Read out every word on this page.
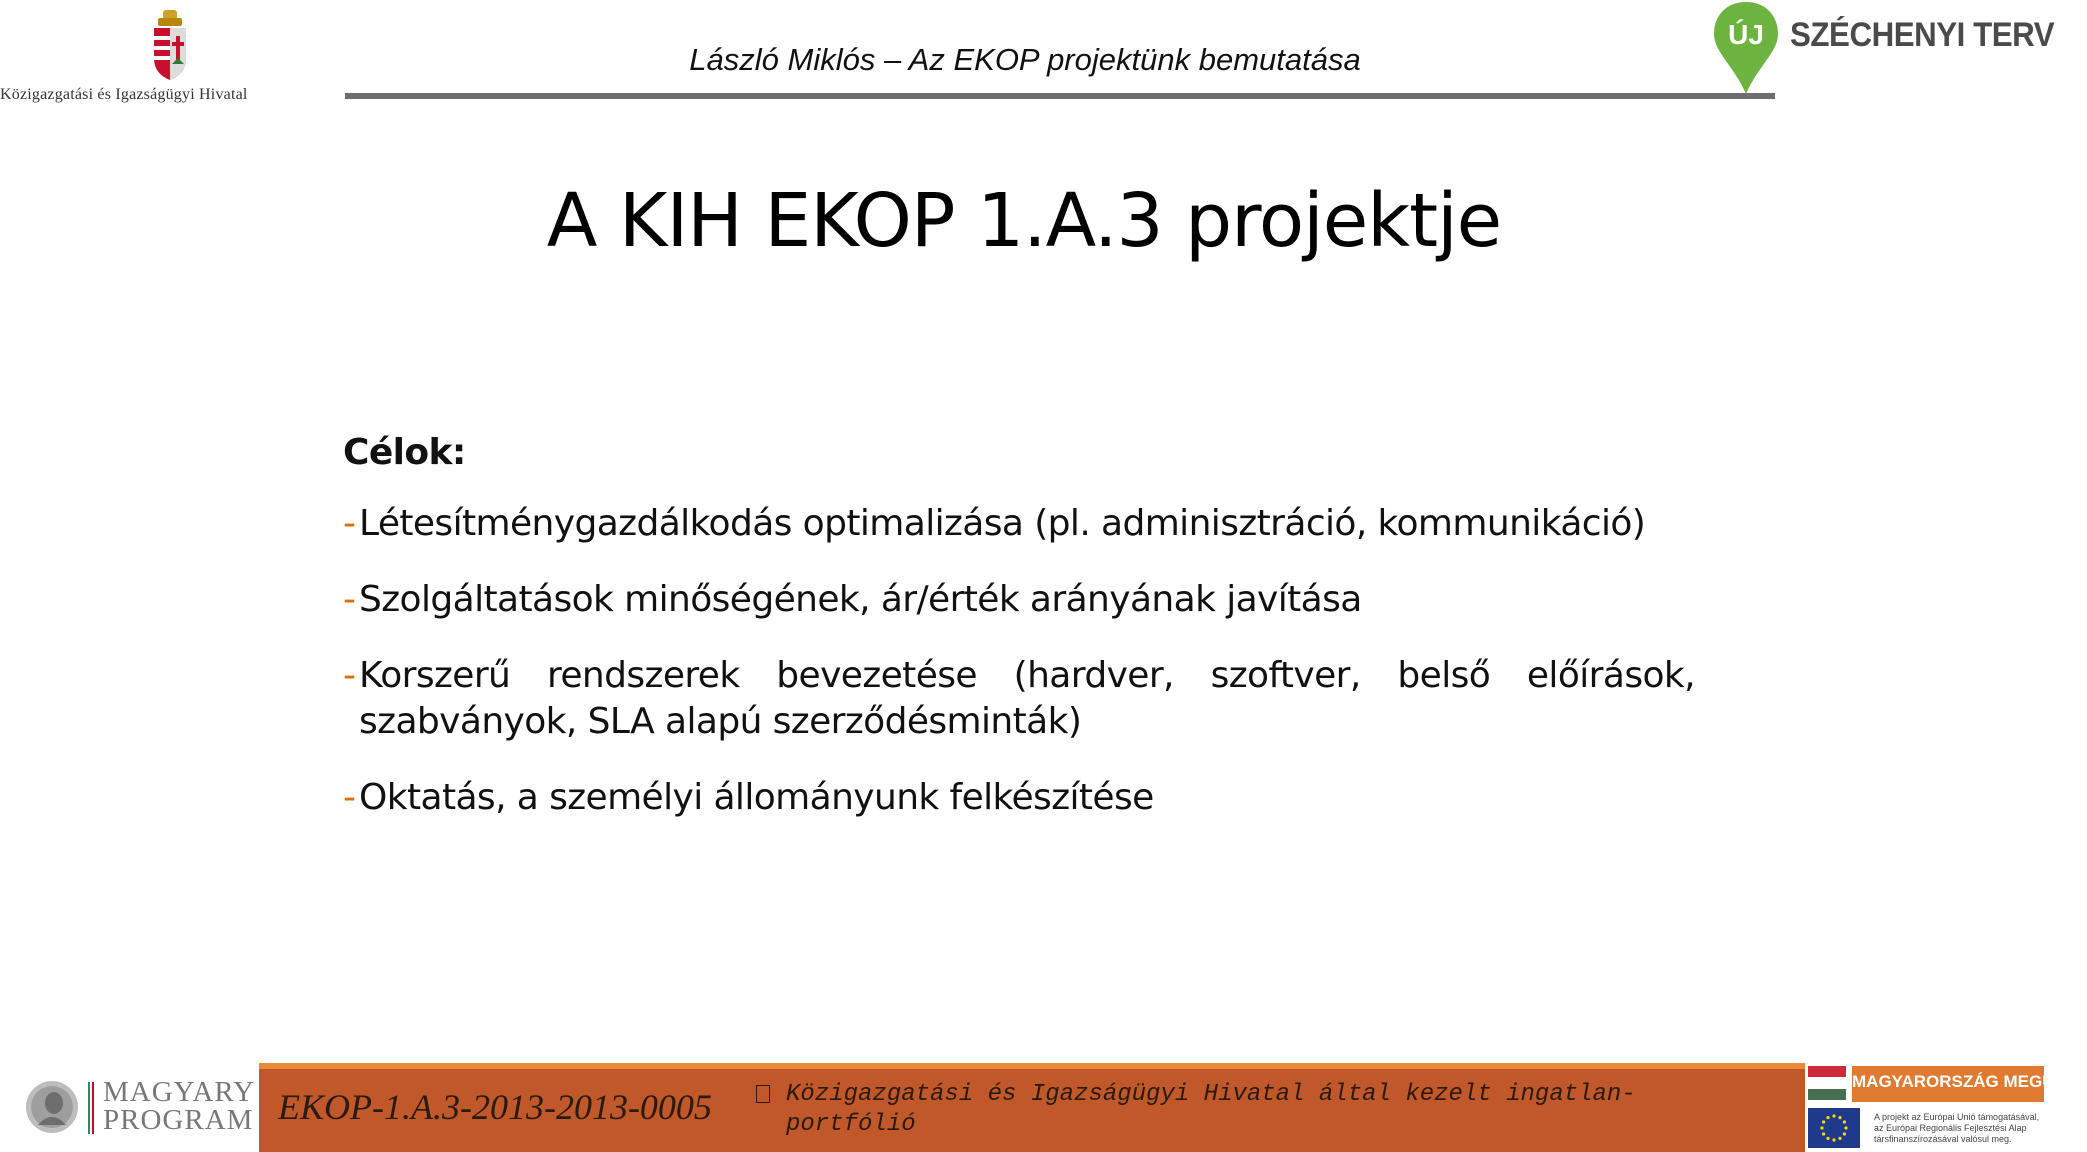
Közigazgatási és Igazságügyi Hivatal
László Miklós – Az EKOP projektünk bemutatása
ÚJ SZÉCHENYI TERV
A KIH EKOP 1.A.3 projektje
Célok:
- Létesítménygazdálkodás optimalizása (pl. adminisztráció, kommunikáció)
- Szolgáltatások minőségének, ár/érték arányának javítása
- Korszerű rendszerek bevezetése (hardver, szoftver, belső előírások, szabványok, SLA alapú szerződésminták)
- Oktatás, a személyi állományunk felkészítése
MAGYARY
PROGRAM EKOP-1.A.3-2013-2013-0005	Közigazgatási és Igazságügyi Hivatal által kezelt ingatlan-portfólió
MAGYARORSZÁG MEGÚJUL
A projekt az Európai Unió támogatásával, az Európai Regionális Fejlesztési Alap társfinanszírozásával valósul meg.
